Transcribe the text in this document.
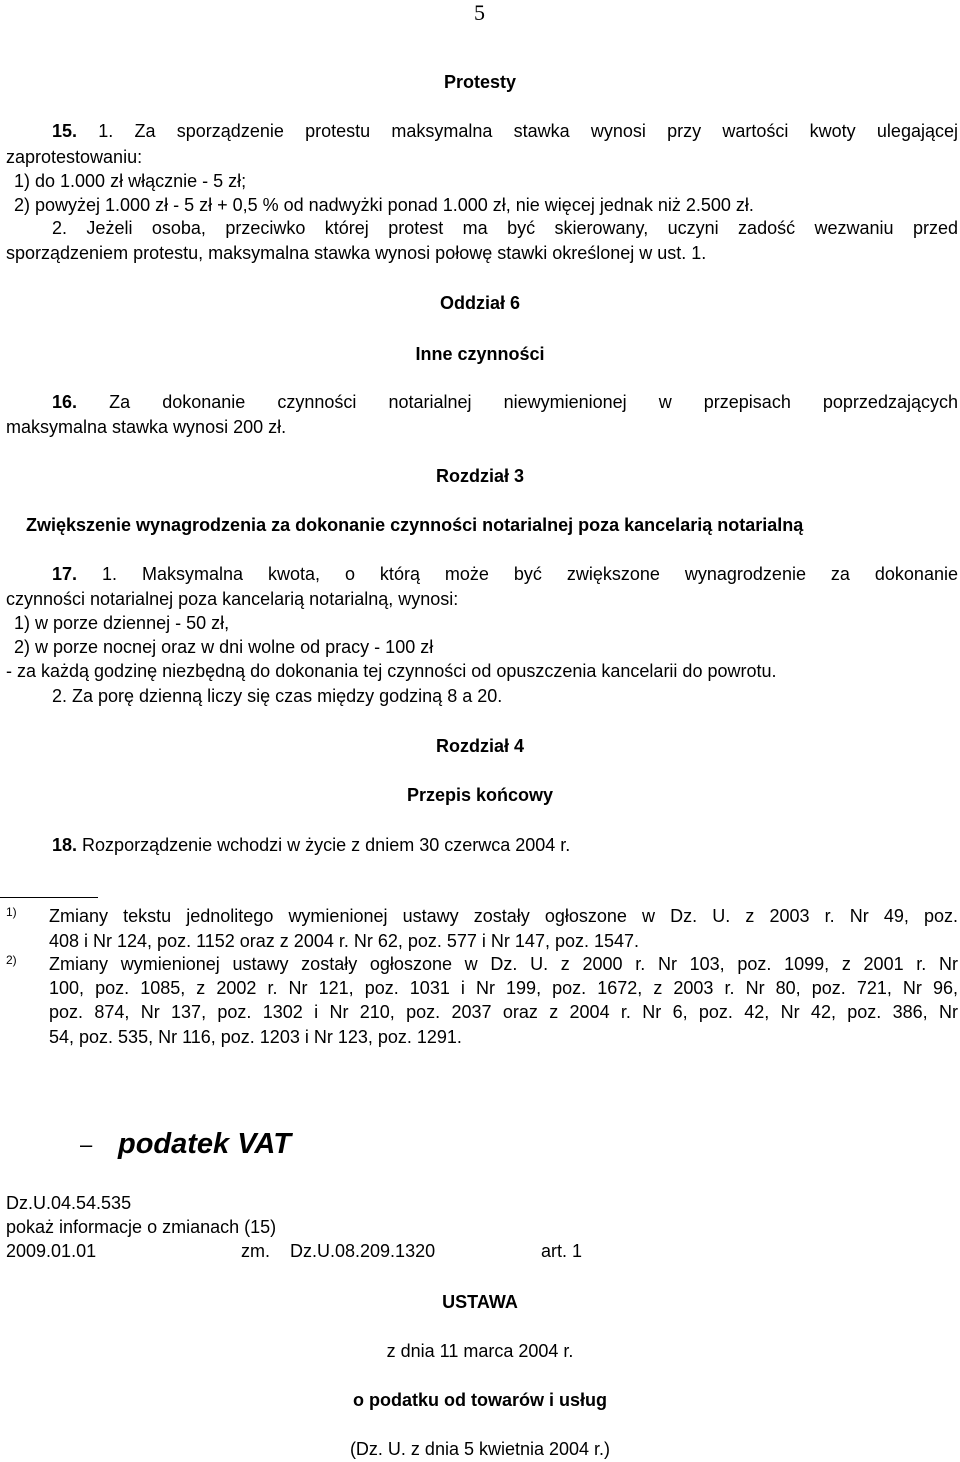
5
Protesty
15. 1. Za sporządzenie protestu maksymalna stawka wynosi przy wartości kwoty ulegającej
zaprotestowaniu:
1) do 1.000 zł włącznie - 5 zł;
2) powyżej 1.000 zł - 5 zł + 0,5 % od nadwyżki ponad 1.000 zł, nie więcej jednak niż 2.500 zł.
2. Jeżeli osoba, przeciwko której protest ma być skierowany, uczyni zadość wezwaniu przed
sporządzeniem protestu, maksymalna stawka wynosi połowę stawki określonej w ust. 1.
Oddział 6
Inne czynności
16. Za dokonanie czynności notarialnej niewymienionej w przepisach poprzedzających
maksymalna stawka wynosi 200 zł.
Rozdział 3
Zwiększenie wynagrodzenia za dokonanie czynności notarialnej poza kancelarią notarialną
17. 1. Maksymalna kwota, o którą może być zwiększone wynagrodzenie za dokonanie
czynności notarialnej poza kancelarią notarialną, wynosi:
1) w porze dziennej - 50 zł,
2) w porze nocnej oraz w dni wolne od pracy - 100 zł
- za każdą godzinę niezbędną do dokonania tej czynności od opuszczenia kancelarii do powrotu.
2. Za porę dzienną liczy się czas między godziną 8 a 20.
Rozdział 4
Przepis końcowy
18. Rozporządzenie wchodzi w życie z dniem 30 czerwca 2004 r.
1) Zmiany tekstu jednolitego wymienionej ustawy zostały ogłoszone w Dz. U. z 2003 r. Nr 49, poz.
408 i Nr 124, poz. 1152 oraz z 2004 r. Nr 62, poz. 577 i Nr 147, poz. 1547.
2) Zmiany wymienionej ustawy zostały ogłoszone w Dz. U. z 2000 r. Nr 103, poz. 1099, z 2001 r. Nr
100, poz. 1085, z 2002 r. Nr 121, poz. 1031 i Nr 199, poz. 1672, z 2003 r. Nr 80, poz. 721, Nr 96,
poz. 874, Nr 137, poz. 1302 i Nr 210, poz. 2037 oraz z 2004 r. Nr 6, poz. 42, Nr 42, poz. 386, Nr
54, poz. 535, Nr 116, poz. 1203 i Nr 123, poz. 1291.
– podatek VAT
Dz.U.04.54.535
pokaż informacje o zmianach (15)
2009.01.01	zm. Dz.U.08.209.1320	art. 1
USTAWA
z dnia 11 marca 2004 r.
o podatku od towarów i usług
(Dz. U. z dnia 5 kwietnia 2004 r.)
